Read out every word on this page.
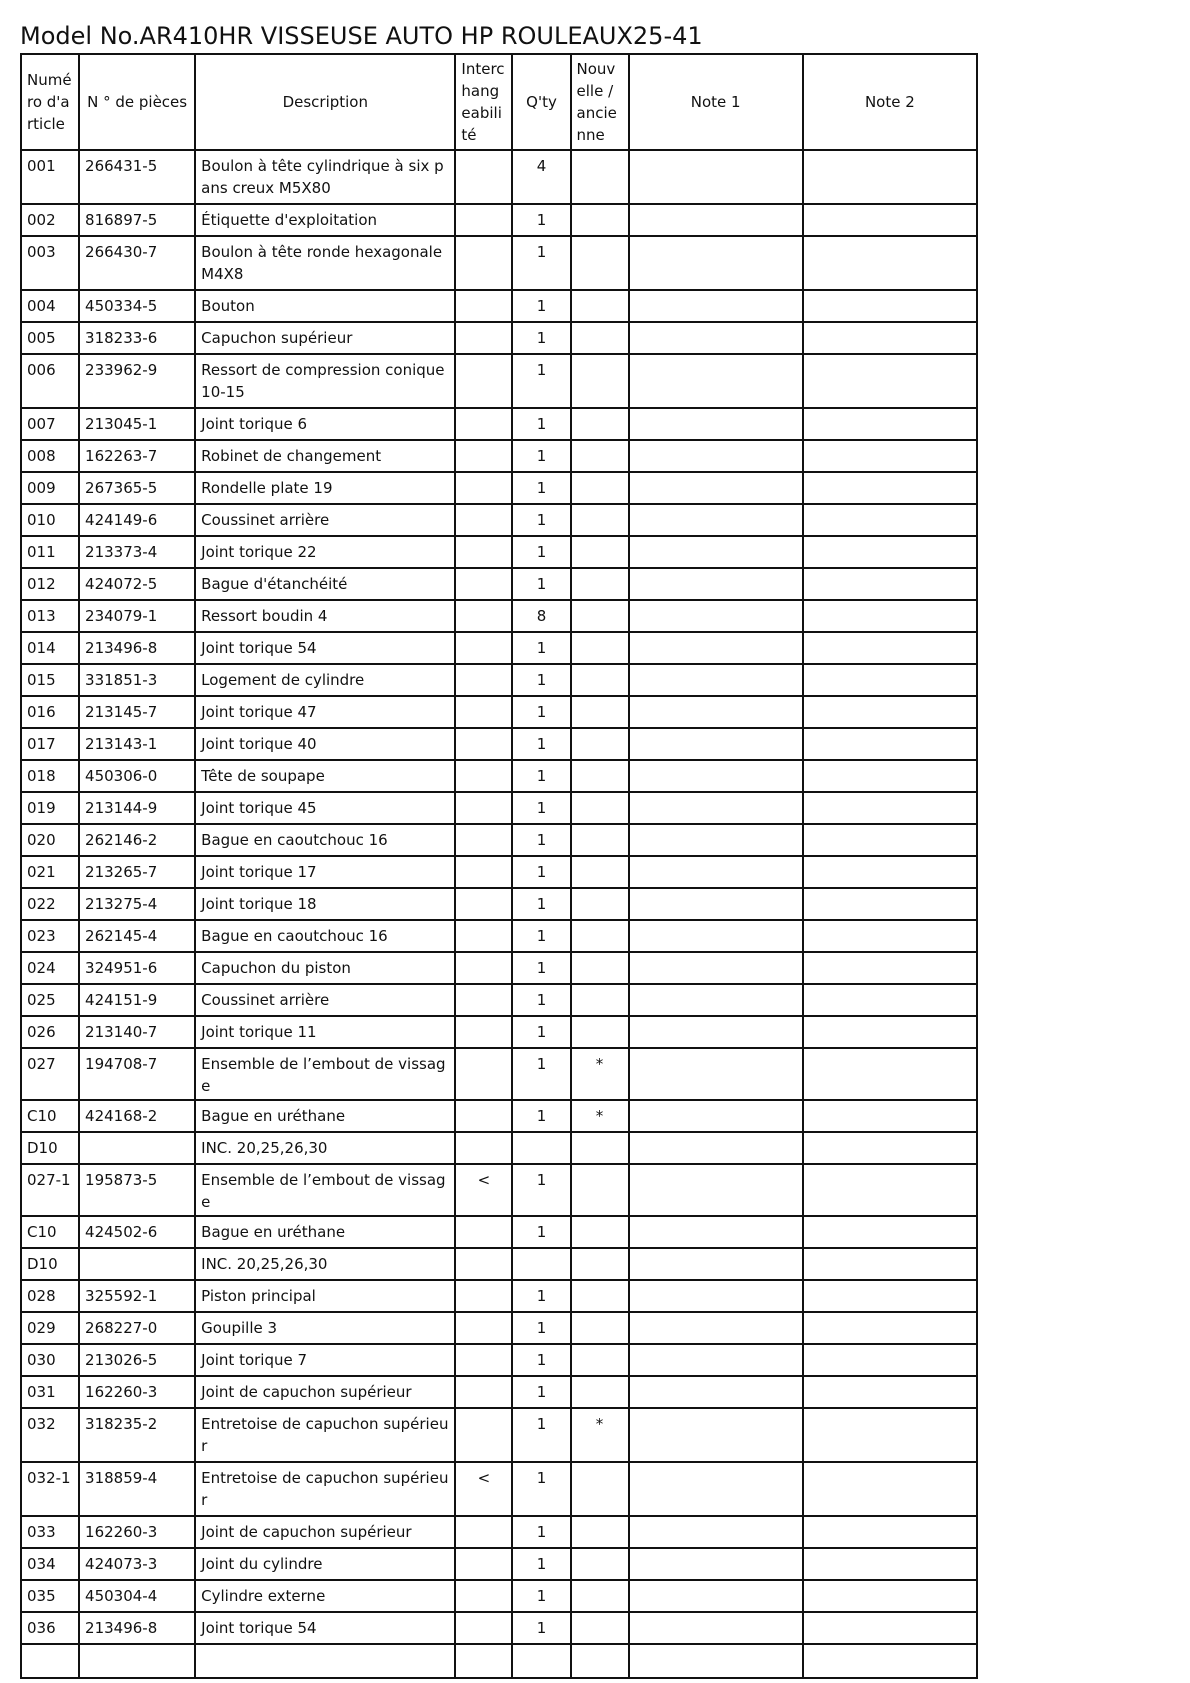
Model No.AR410HR VISSEUSE AUTO HP ROULEAUX25-41
Numéro d'article	N ° de pièces	Description	Interchangeabilité	Q'ty	Nouvelle / ancienne	Note 1	Note 2
001	266431-5	Boulon à tête cylindrique à six pans creux M5X80		4			
002	816897-5	Étiquette d'exploitation		1			
003	266430-7	Boulon à tête ronde hexagonale M4X8		1			
004	450334-5	Bouton		1			
005	318233-6	Capuchon supérieur		1			
006	233962-9	Ressort de compression conique 10-15		1			
007	213045-1	Joint torique 6		1			
008	162263-7	Robinet de changement		1			
009	267365-5	Rondelle plate 19		1			
010	424149-6	Coussinet arrière		1			
011	213373-4	Joint torique 22		1			
012	424072-5	Bague d'étanchéité		1			
013	234079-1	Ressort boudin 4		8			
014	213496-8	Joint torique 54		1			
015	331851-3	Logement de cylindre		1			
016	213145-7	Joint torique 47		1			
017	213143-1	Joint torique 40		1			
018	450306-0	Tête de soupape		1			
019	213144-9	Joint torique 45		1			
020	262146-2	Bague en caoutchouc 16		1			
021	213265-7	Joint torique 17		1			
022	213275-4	Joint torique 18		1			
023	262145-4	Bague en caoutchouc 16		1			
024	324951-6	Capuchon du piston		1			
025	424151-9	Coussinet arrière		1			
026	213140-7	Joint torique 11		1			
027	194708-7	Ensemble de l’embout de vissage		1	*		
C10	424168-2	Bague en uréthane		1	*		
D10		INC. 20,25,26,30					
027-1	195873-5	Ensemble de l’embout de vissage	<	1			
C10	424502-6	Bague en uréthane		1			
D10		INC. 20,25,26,30					
028	325592-1	Piston principal		1			
029	268227-0	Goupille 3		1			
030	213026-5	Joint torique 7		1			
031	162260-3	Joint de capuchon supérieur		1			
032	318235-2	Entretoise de capuchon supérieur		1	*		
032-1	318859-4	Entretoise de capuchon supérieur	<	1			
033	162260-3	Joint de capuchon supérieur		1			
034	424073-3	Joint du cylindre		1			
035	450304-4	Cylindre externe		1			
036	213496-8	Joint torique 54		1			
